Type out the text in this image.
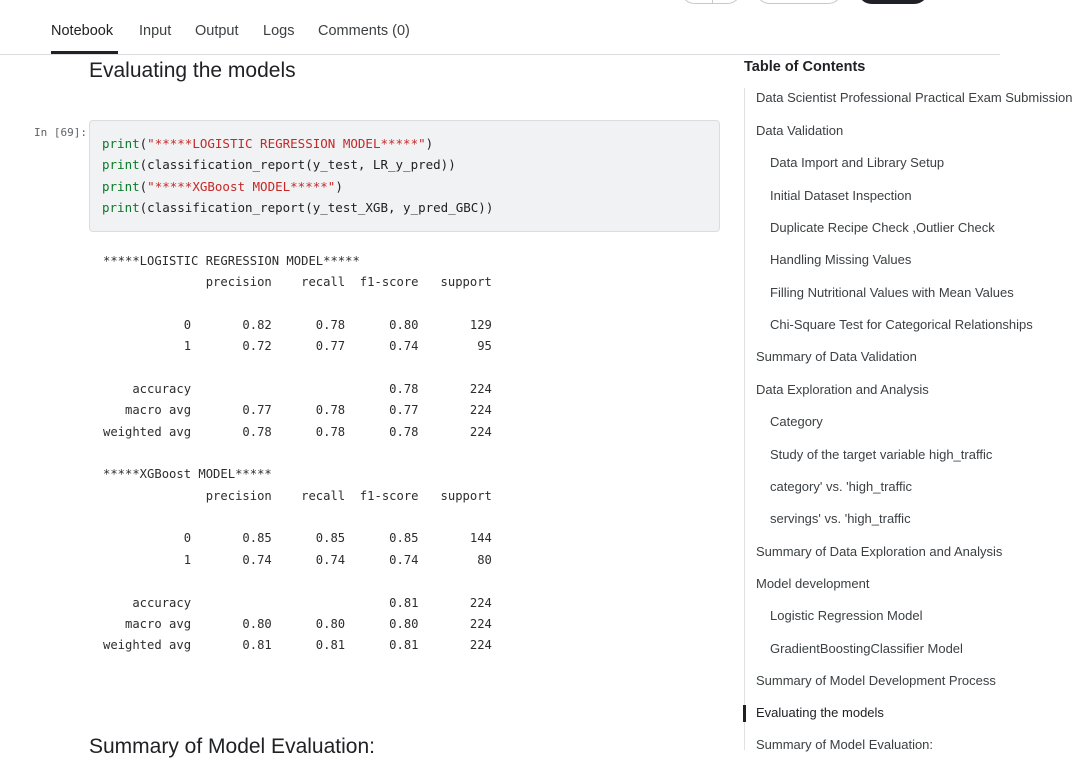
Notebook Input Output Logs Comments (0)
Evaluating the models
In [69]:
print("*****LOGISTIC REGRESSION MODEL*****")
print(classification_report(y_test, LR_y_pred))
print("*****XGBoost MODEL*****")
print(classification_report(y_test_XGB, y_pred_GBC))
*****LOGISTIC REGRESSION MODEL*****
precision    recall  f1-score   support

0       0.82      0.78      0.80       129
1       0.72      0.77      0.74        95

accuracy                           0.78       224
macro avg       0.77      0.78      0.77       224
weighted avg       0.78      0.78      0.78       224

*****XGBoost MODEL*****
precision    recall  f1-score   support

0       0.85      0.85      0.85       144
1       0.74      0.74      0.74        80

accuracy                           0.81       224
macro avg       0.80      0.80      0.80       224
weighted avg       0.81      0.81      0.81       224
Summary of Model Evaluation:
Table of Contents
Data Scientist Professional Practical Exam Submission
Data Validation
Data Import and Library Setup
Initial Dataset Inspection
Duplicate Recipe Check ,Outlier Check
Handling Missing Values
Filling Nutritional Values with Mean Values
Chi-Square Test for Categorical Relationships
Summary of Data Validation
Data Exploration and Analysis
Category
Study of the target variable high_traffic
category' vs. 'high_traffic
servings' vs. 'high_traffic
Summary of Data Exploration and Analysis
Model development
Logistic Regression Model
GradientBoostingClassifier Model
Summary of Model Development Process
Evaluating the models
Summary of Model Evaluation:
